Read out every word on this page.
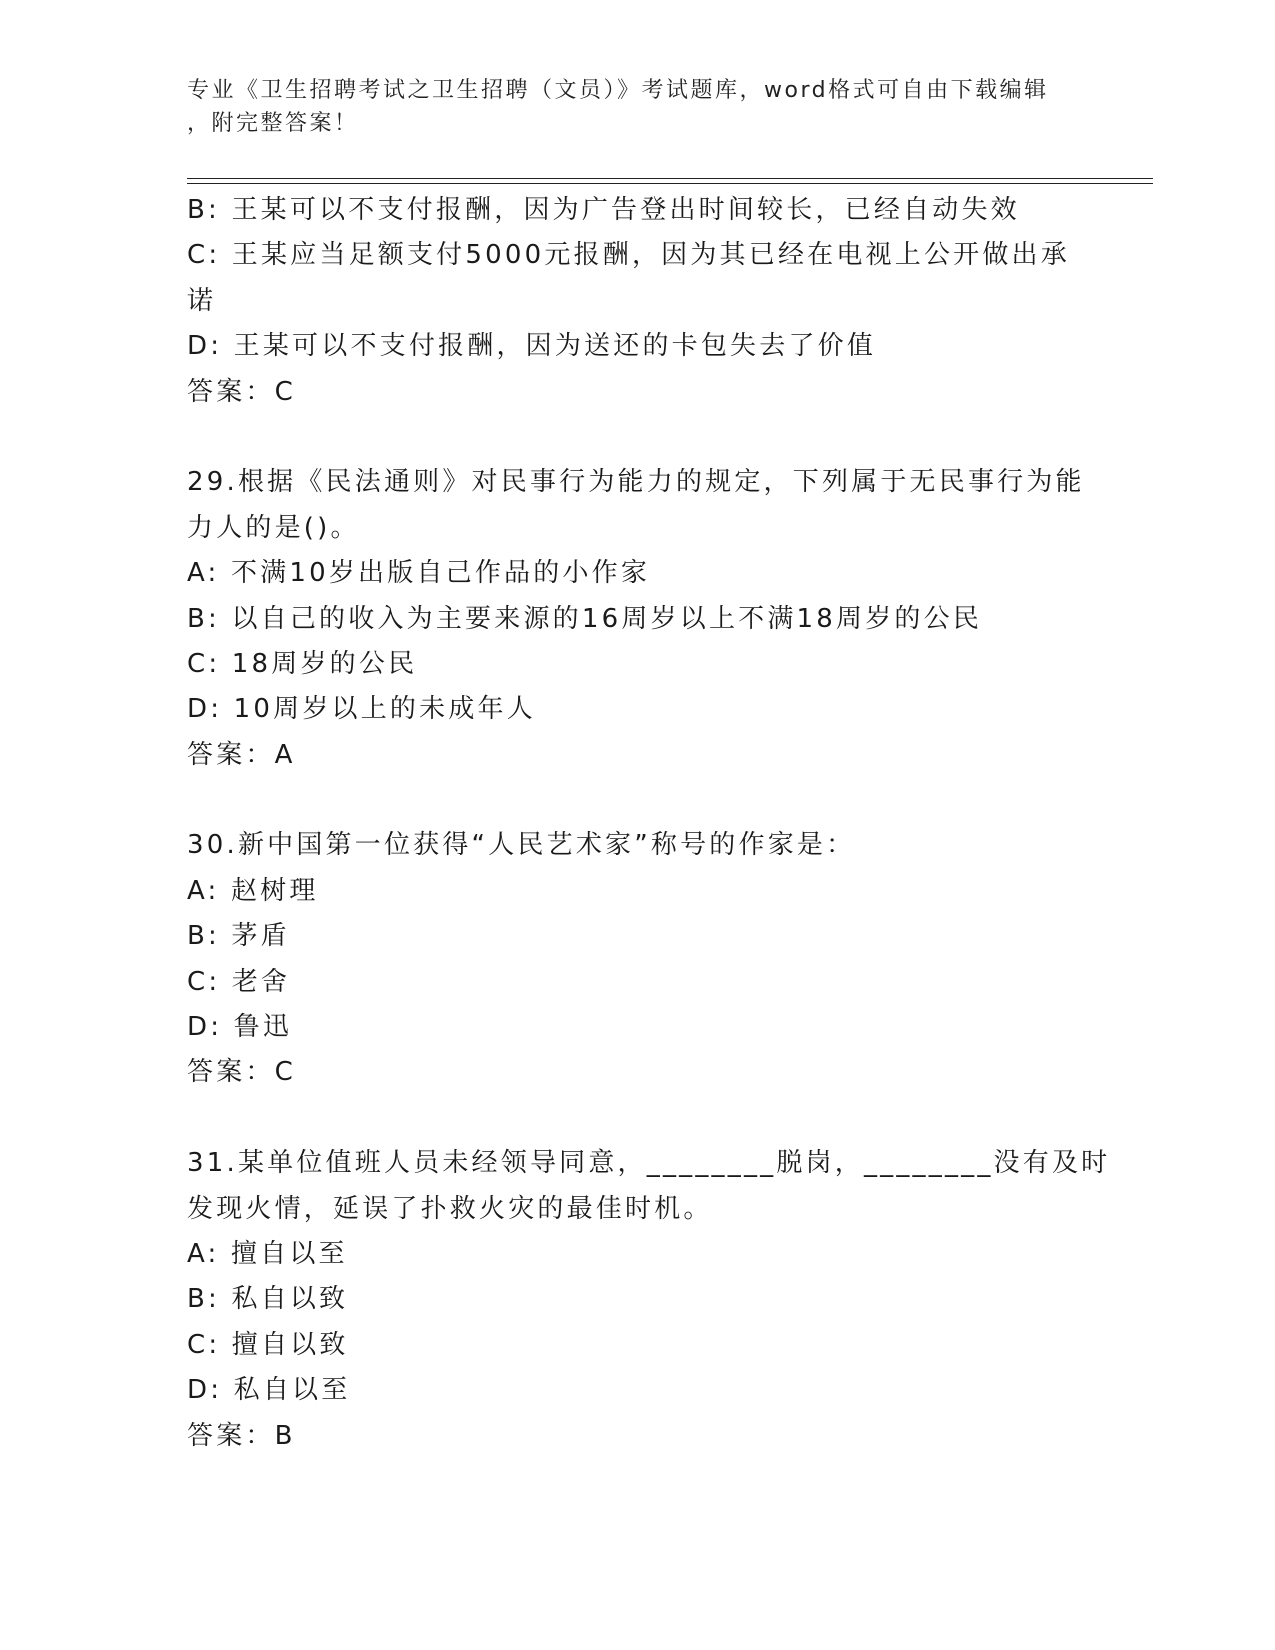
专业《卫生招聘考试之卫生招聘（文员）》考试题库，word格式可自由下载编辑
，附完整答案！
B: 王某可以不支付报酬，因为广告登出时间较长，已经自动失效
C: 王某应当足额支付5000元报酬，因为其已经在电视上公开做出承
诺
D: 王某可以不支付报酬，因为送还的卡包失去了价值
答案：C
29.根据《民法通则》对民事行为能力的规定，下列属于无民事行为能
力人的是()。
A: 不满10岁出版自己作品的小作家
B: 以自己的收入为主要来源的16周岁以上不满18周岁的公民
C: 18周岁的公民
D: 10周岁以上的未成年人
答案：A
30.新中国第一位获得“人民艺术家”称号的作家是：
A: 赵树理
B: 茅盾
C: 老舍
D: 鲁迅
答案：C
31.某单位值班人员未经领导同意，________脱岗，________没有及时
发现火情，延误了扑救火灾的最佳时机。
A: 擅自以至
B: 私自以致
C: 擅自以致
D: 私自以至
答案：B
